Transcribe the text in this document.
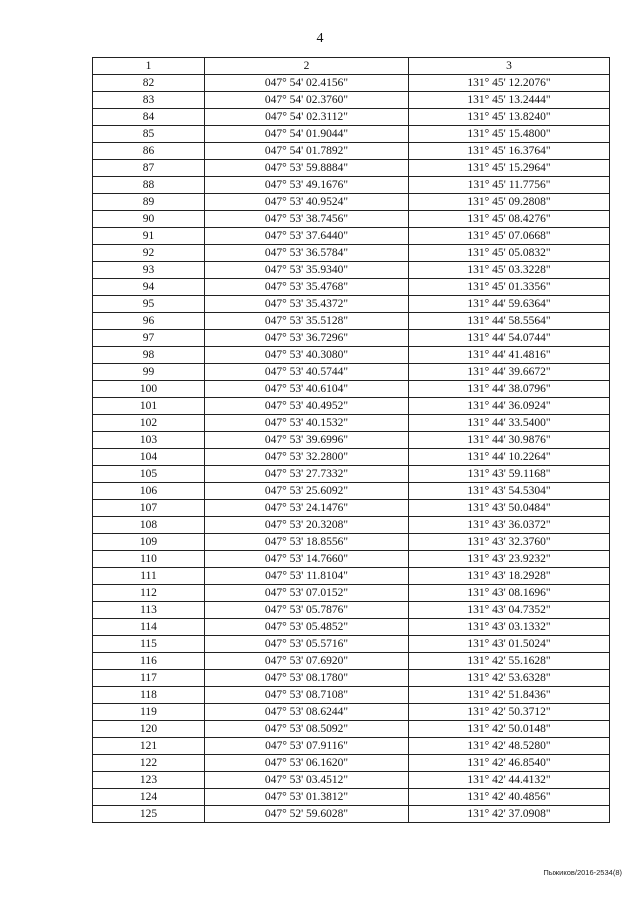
4
1	2	3
82	047° 54' 02.4156"	131° 45' 12.2076"
83	047° 54' 02.3760"	131° 45' 13.2444"
84	047° 54' 02.3112"	131° 45' 13.8240"
85	047° 54' 01.9044"	131° 45' 15.4800"
86	047° 54' 01.7892"	131° 45' 16.3764"
87	047° 53' 59.8884"	131° 45' 15.2964"
88	047° 53' 49.1676"	131° 45' 11.7756"
89	047° 53' 40.9524"	131° 45' 09.2808"
90	047° 53' 38.7456"	131° 45' 08.4276"
91	047° 53' 37.6440"	131° 45' 07.0668"
92	047° 53' 36.5784"	131° 45' 05.0832"
93	047° 53' 35.9340"	131° 45' 03.3228"
94	047° 53' 35.4768"	131° 45' 01.3356"
95	047° 53' 35.4372"	131° 44' 59.6364"
96	047° 53' 35.5128"	131° 44' 58.5564"
97	047° 53' 36.7296"	131° 44' 54.0744"
98	047° 53' 40.3080"	131° 44' 41.4816"
99	047° 53' 40.5744"	131° 44' 39.6672"
100	047° 53' 40.6104"	131° 44' 38.0796"
101	047° 53' 40.4952"	131° 44' 36.0924"
102	047° 53' 40.1532"	131° 44' 33.5400"
103	047° 53' 39.6996"	131° 44' 30.9876"
104	047° 53' 32.2800"	131° 44' 10.2264"
105	047° 53' 27.7332"	131° 43' 59.1168"
106	047° 53' 25.6092"	131° 43' 54.5304"
107	047° 53' 24.1476"	131° 43' 50.0484"
108	047° 53' 20.3208"	131° 43' 36.0372"
109	047° 53' 18.8556"	131° 43' 32.3760"
110	047° 53' 14.7660"	131° 43' 23.9232"
111	047° 53' 11.8104"	131° 43' 18.2928"
112	047° 53' 07.0152"	131° 43' 08.1696"
113	047° 53' 05.7876"	131° 43' 04.7352"
114	047° 53' 05.4852"	131° 43' 03.1332"
115	047° 53' 05.5716"	131° 43' 01.5024"
116	047° 53' 07.6920"	131° 42' 55.1628"
117	047° 53' 08.1780"	131° 42' 53.6328"
118	047° 53' 08.7108"	131° 42' 51.8436"
119	047° 53' 08.6244"	131° 42' 50.3712"
120	047° 53' 08.5092"	131° 42' 50.0148"
121	047° 53' 07.9116"	131° 42' 48.5280"
122	047° 53' 06.1620"	131° 42' 46.8540"
123	047° 53' 03.4512"	131° 42' 44.4132"
124	047° 53' 01.3812"	131° 42' 40.4856"
125	047° 52' 59.6028"	131° 42' 37.0908"
Пыжиков/2016-2534(8)
